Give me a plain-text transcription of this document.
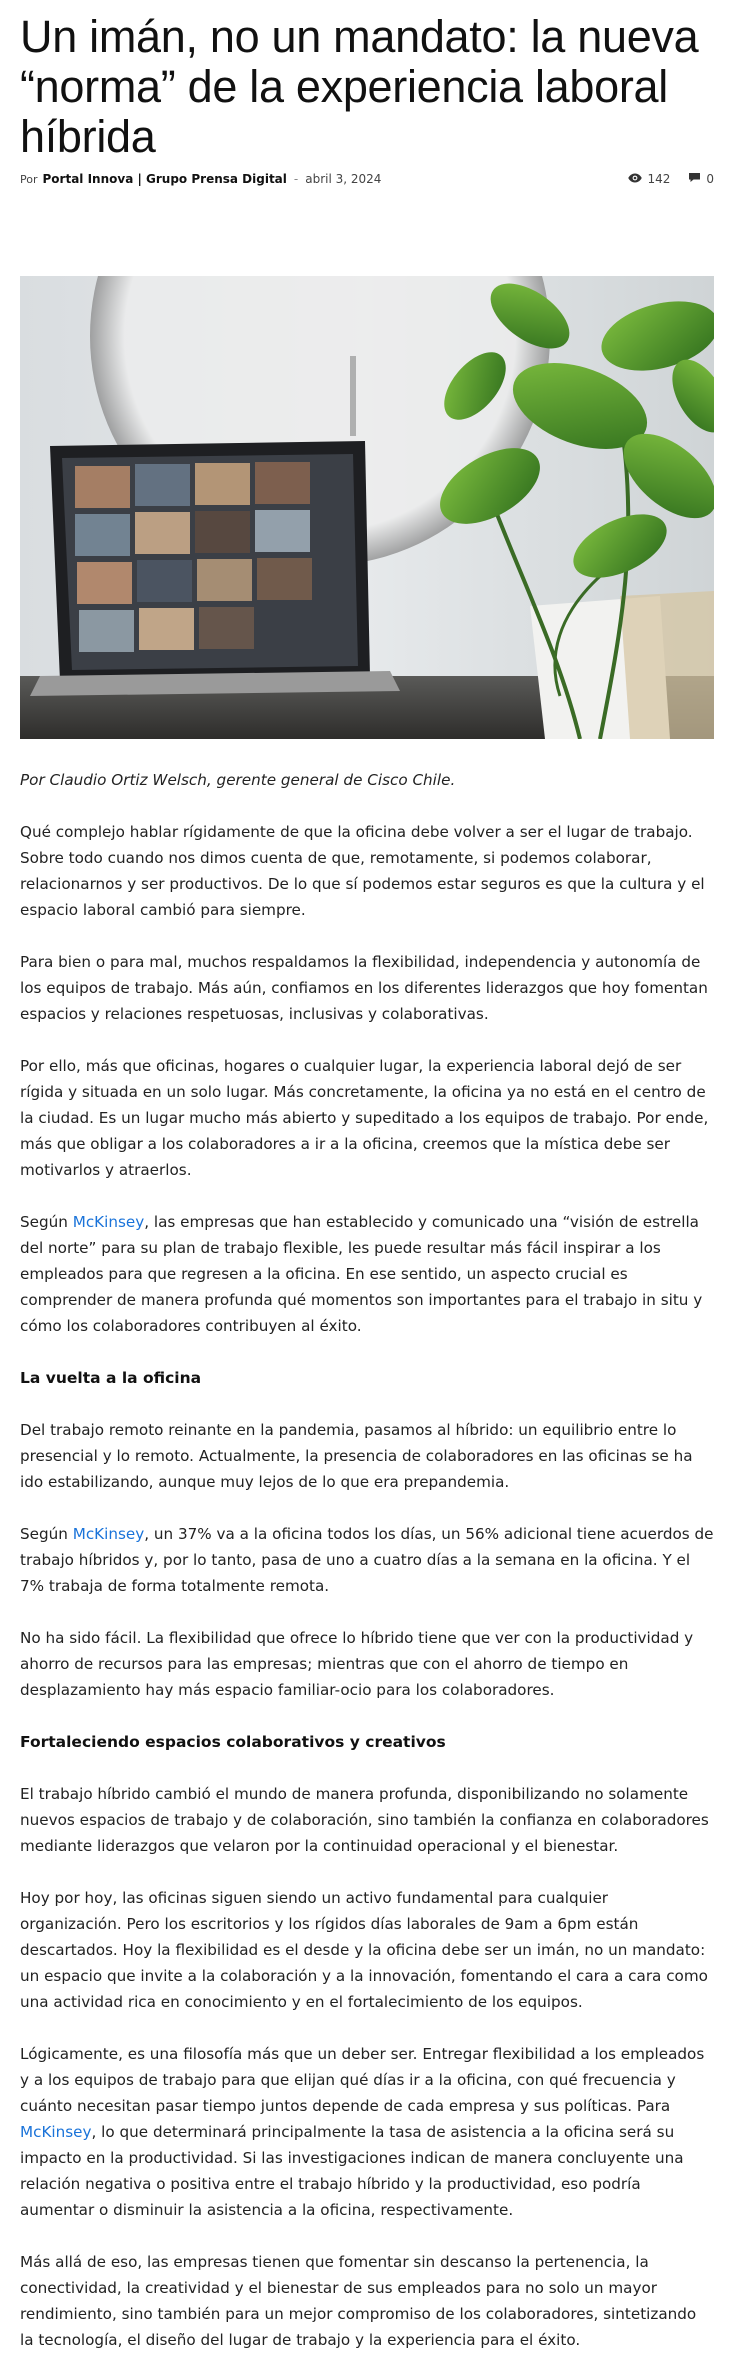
Un imán, no un mandato: la nueva “norma” de la experiencia laboral híbrida
Por Portal Innova | Grupo Prensa Digital - abril 3, 2024	142	0

Por Claudio Ortiz Welsch, gerente general de Cisco Chile.

Qué complejo hablar rígidamente de que la oficina debe volver a ser el lugar de trabajo. Sobre todo cuando nos dimos cuenta de que, remotamente, si podemos colaborar, relacionarnos y ser productivos. De lo que sí podemos estar seguros es que la cultura y el espacio laboral cambió para siempre.

Para bien o para mal, muchos respaldamos la flexibilidad, independencia y autonomía de los equipos de trabajo. Más aún, confiamos en los diferentes liderazgos que hoy fomentan espacios y relaciones respetuosas, inclusivas y colaborativas.

Por ello, más que oficinas, hogares o cualquier lugar, la experiencia laboral dejó de ser rígida y situada en un solo lugar. Más concretamente, la oficina ya no está en el centro de la ciudad. Es un lugar mucho más abierto y supeditado a los equipos de trabajo. Por ende, más que obligar a los colaboradores a ir a la oficina, creemos que la mística debe ser motivarlos y atraerlos.

Según McKinsey, las empresas que han establecido y comunicado una “visión de estrella del norte” para su plan de trabajo flexible, les puede resultar más fácil inspirar a los empleados para que regresen a la oficina. En ese sentido, un aspecto crucial es comprender de manera profunda qué momentos son importantes para el trabajo in situ y cómo los colaboradores contribuyen al éxito.

La vuelta a la oficina

Del trabajo remoto reinante en la pandemia, pasamos al híbrido: un equilibrio entre lo presencial y lo remoto. Actualmente, la presencia de colaboradores en las oficinas se ha ido estabilizando, aunque muy lejos de lo que era prepandemia.

Según McKinsey, un 37% va a la oficina todos los días, un 56% adicional tiene acuerdos de trabajo híbridos y, por lo tanto, pasa de uno a cuatro días a la semana en la oficina. Y el 7% trabaja de forma totalmente remota.

No ha sido fácil. La flexibilidad que ofrece lo híbrido tiene que ver con la productividad y ahorro de recursos para las empresas; mientras que con el ahorro de tiempo en desplazamiento hay más espacio familiar-ocio para los colaboradores.

Fortaleciendo espacios colaborativos y creativos

El trabajo híbrido cambió el mundo de manera profunda, disponibilizando no solamente nuevos espacios de trabajo y de colaboración, sino también la confianza en colaboradores mediante liderazgos que velaron por la continuidad operacional y el bienestar.

Hoy por hoy, las oficinas siguen siendo un activo fundamental para cualquier organización. Pero los escritorios y los rígidos días laborales de 9am a 6pm están descartados. Hoy la flexibilidad es el desde y la oficina debe ser un imán, no un mandato: un espacio que invite a la colaboración y a la innovación, fomentando el cara a cara como una actividad rica en conocimiento y en el fortalecimiento de los equipos.

Lógicamente, es una filosofía más que un deber ser. Entregar flexibilidad a los empleados y a los equipos de trabajo para que elijan qué días ir a la oficina, con qué frecuencia y cuánto necesitan pasar tiempo juntos depende de cada empresa y sus políticas. Para McKinsey, lo que determinará principalmente la tasa de asistencia a la oficina será su impacto en la productividad. Si las investigaciones indican de manera concluyente una relación negativa o positiva entre el trabajo híbrido y la productividad, eso podría aumentar o disminuir la asistencia a la oficina, respectivamente.

Más allá de eso, las empresas tienen que fomentar sin descanso la pertenencia, la conectividad, la creatividad y el bienestar de sus empleados para no solo un mayor rendimiento, sino también para un mejor compromiso de los colaboradores, sintetizando la tecnología, el diseño del lugar de trabajo y la experiencia para el éxito.
